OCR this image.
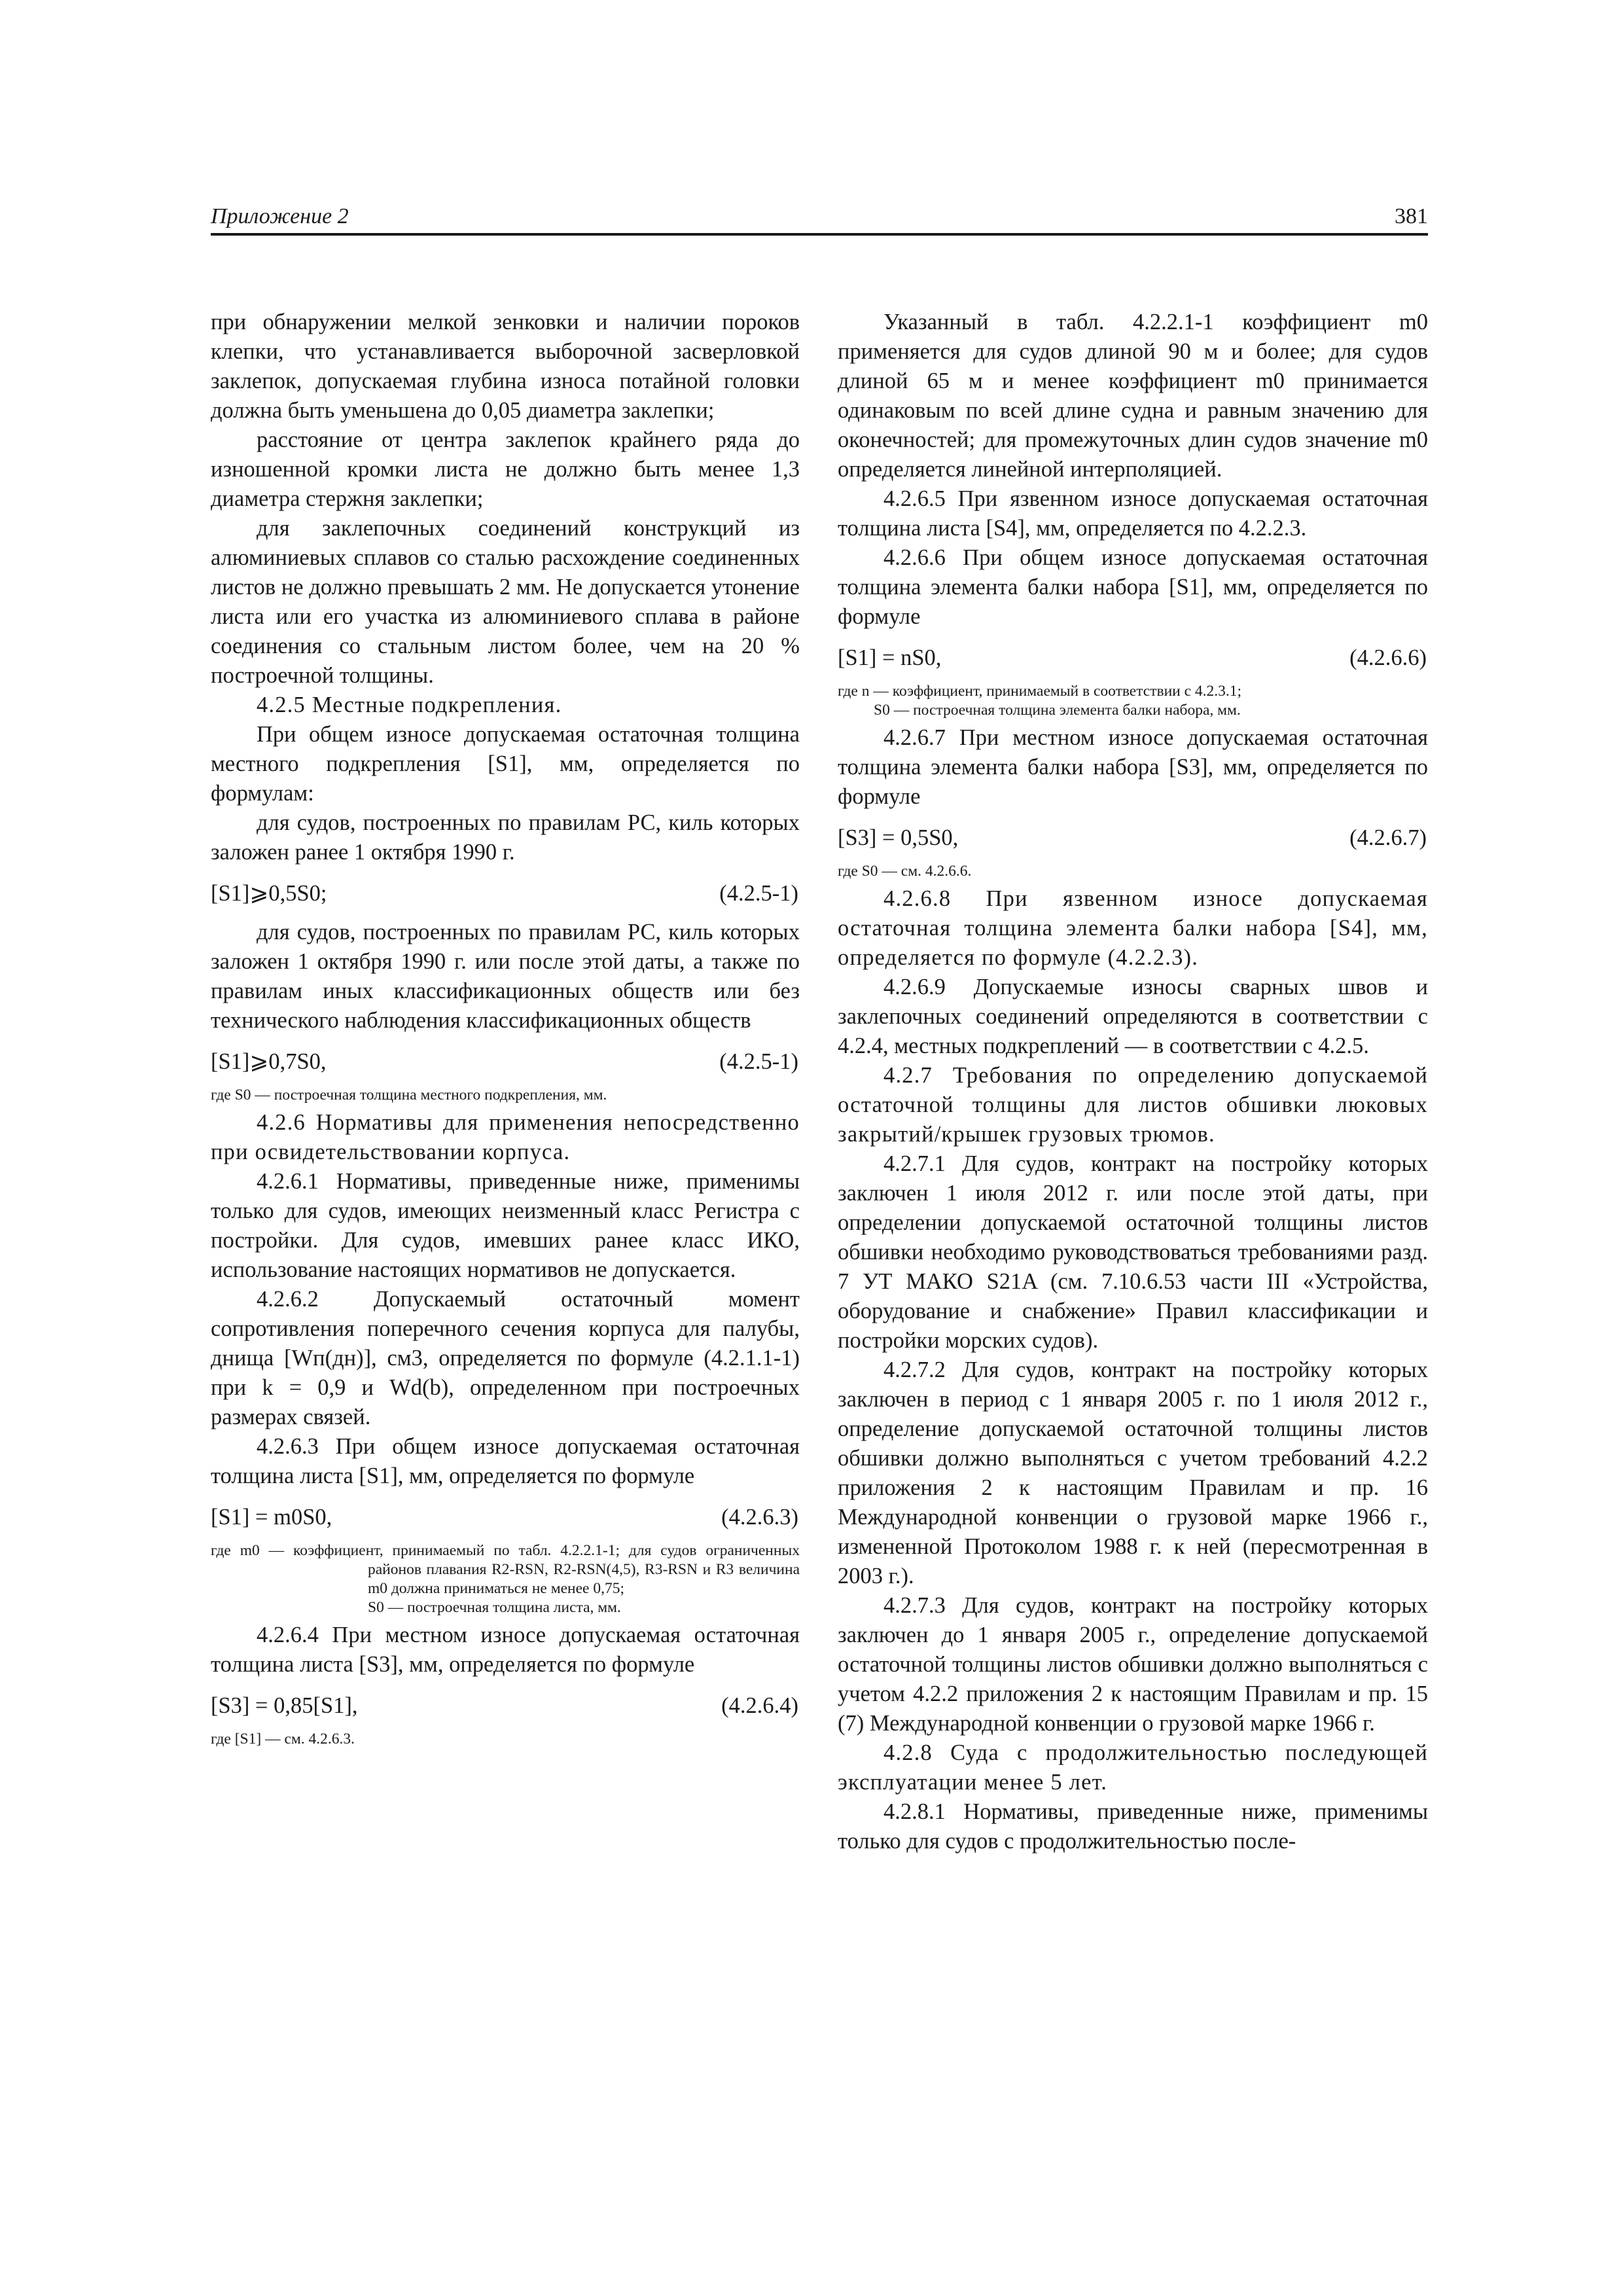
Приложение 2	381

при обнаружении мелкой зенковки и наличии пороков клепки, что устанавливается выборочной засверловкой заклепок, допускаемая глубина износа потайной головки должна быть уменьшена до 0,05 диаметра заклепки;

расстояние от центра заклепок крайнего ряда до изношенной кромки листа не должно быть менее 1,3 диаметра стержня заклепки;

для заклепочных соединений конструкций из алюминиевых сплавов со сталью расхождение соединенных листов не должно превышать 2 мм. Не допускается утонение листа или его участка из алюминиевого сплава в районе соединения со стальным листом более, чем на 20 % построечной толщины.

4.2.5 Местные подкрепления.

При общем износе допускаемая остаточная толщина местного подкрепления [S1], мм, определяется по формулам:

для судов, построенных по правилам РС, киль которых заложен ранее 1 октября 1990 г.

[S1]⩾0,5S0;	(4.2.5-1)

для судов, построенных по правилам РС, киль которых заложен 1 октября 1990 г. или после этой даты, а также по правилам иных классификационных обществ или без технического наблюдения классификационных обществ

[S1]⩾0,7S0,	(4.2.5-1)

где S0 — построечная толщина местного подкрепления, мм.

4.2.6 Нормативы для применения непосредственно при освидетельствовании корпуса.

4.2.6.1 Нормативы, приведенные ниже, применимы только для судов, имеющих неизменный класс Регистра с постройки. Для судов, имевших ранее класс ИКО, использование настоящих нормативов не допускается.

4.2.6.2 Допускаемый остаточный момент сопротивления поперечного сечения корпуса для палубы, днища [Wп(дн)], см3, определяется по формуле (4.2.1.1-1) при k = 0,9 и Wd(b), определенном при построечных размерах связей.

4.2.6.3 При общем износе допускаемая остаточная толщина листа [S1], мм, определяется по формуле

[S1] = m0S0,	(4.2.6.3)

где m0 — коэффициент, принимаемый по табл. 4.2.2.1-1; для судов ограниченных районов плавания R2-RSN, R2-RSN(4,5), R3-RSN и R3 величина m0 должна приниматься не менее 0,75;

S0 — построечная толщина листа, мм.

4.2.6.4 При местном износе допускаемая остаточная толщина листа [S3], мм, определяется по формуле

[S3] = 0,85[S1],	(4.2.6.4)

где [S1] — см. 4.2.6.3.

Указанный в табл. 4.2.2.1-1 коэффициент m0 применяется для судов длиной 90 м и более; для судов длиной 65 м и менее коэффициент m0 принимается одинаковым по всей длине судна и равным значению для оконечностей; для промежуточных длин судов значение m0 определяется линейной интерполяцией.

4.2.6.5 При язвенном износе допускаемая остаточная толщина листа [S4], мм, определяется по 4.2.2.3.

4.2.6.6 При общем износе допускаемая остаточная толщина элемента балки набора [S1], мм, определяется по формуле

[S1] = nS0,	(4.2.6.6)

где n — коэффициент, принимаемый в соответствии с 4.2.3.1;

S0 — построечная толщина элемента балки набора, мм.

4.2.6.7 При местном износе допускаемая остаточная толщина элемента балки набора [S3], мм, определяется по формуле

[S3] = 0,5S0,	(4.2.6.7)

где S0 — см. 4.2.6.6.

4.2.6.8 При язвенном износе допускаемая остаточная толщина элемента балки набора [S4], мм, определяется по формуле (4.2.2.3).

4.2.6.9 Допускаемые износы сварных швов и заклепочных соединений определяются в соответствии с 4.2.4, местных подкреплений — в соответствии с 4.2.5.

4.2.7 Требования по определению допускаемой остаточной толщины для листов обшивки люковых закрытий/крышек грузовых трюмов.

4.2.7.1 Для судов, контракт на постройку которых заключен 1 июля 2012 г. или после этой даты, при определении допускаемой остаточной толщины листов обшивки необходимо руководствоваться требованиями разд. 7 УТ МАКО S21A (см. 7.10.6.53 части III «Устройства, оборудование и снабжение» Правил классификации и постройки морских судов).

4.2.7.2 Для судов, контракт на постройку которых заключен в период с 1 января 2005 г. по 1 июля 2012 г., определение допускаемой остаточной толщины листов обшивки должно выполняться с учетом требований 4.2.2 приложения 2 к настоящим Правилам и пр. 16 Международной конвенции о грузовой марке 1966 г., измененной Протоколом 1988 г. к ней (пересмотренная в 2003 г.).

4.2.7.3 Для судов, контракт на постройку которых заключен до 1 января 2005 г., определение допускаемой остаточной толщины листов обшивки должно выполняться с учетом 4.2.2 приложения 2 к настоящим Правилам и пр. 15 (7) Международной конвенции о грузовой марке 1966 г.

4.2.8 Суда с продолжительностью последующей эксплуатации менее 5 лет.

4.2.8.1 Нормативы, приведенные ниже, применимы только для судов с продолжительностью после-
